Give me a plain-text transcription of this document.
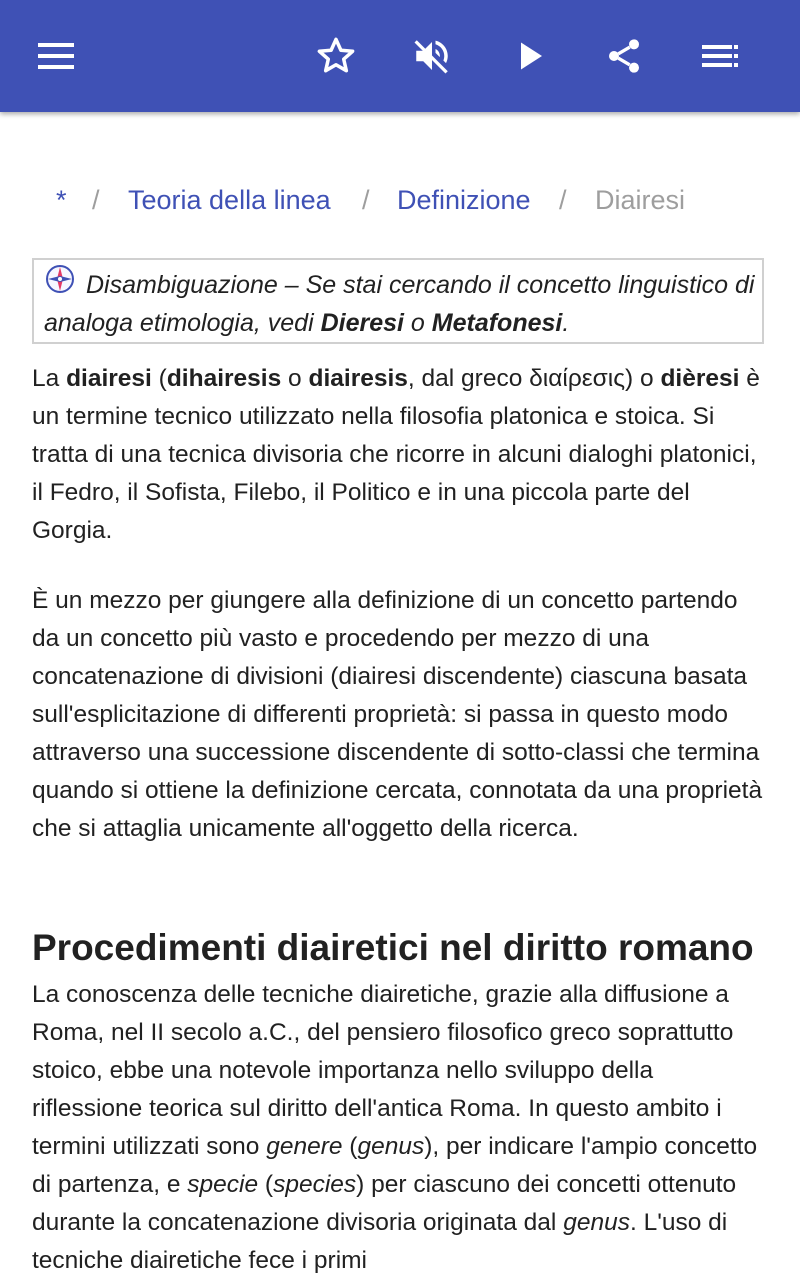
* / Teoria della linea / Definizione / Diairesi
Disambiguazione – Se stai cercando il concetto linguistico di analoga etimologia, vedi Dieresi o Metafonesi.

La diairesi (dihairesis o diairesis, dal greco διαίρεσις) o dièresi è un termine tecnico utilizzato nella filosofia platonica e stoica. Si tratta di una tecnica divisoria che ricorre in alcuni dialoghi platonici, il Fedro, il Sofista, Filebo, il Politico e in una piccola parte del Gorgia.

È un mezzo per giungere alla definizione di un concetto partendo da un concetto più vasto e procedendo per mezzo di una concatenazione di divisioni (diairesi discendente) ciascuna basata sull'esplicitazione di differenti proprietà: si passa in questo modo attraverso una successione discendente di sotto-classi che termina quando si ottiene la definizione cercata, connotata da una proprietà che si attaglia unicamente all'oggetto della ricerca.

Procedimenti diairetici nel diritto romano

La conoscenza delle tecniche diairetiche, grazie alla diffusione a Roma, nel II secolo a.C., del pensiero filosofico greco soprattutto stoico, ebbe una notevole importanza nello sviluppo della riflessione teorica sul diritto dell'antica Roma. In questo ambito i termini utilizzati sono genere (genus), per indicare l'ampio concetto di partenza, e specie (species) per ciascuno dei concetti ottenuto durante la concatenazione divisoria originata dal genus. L'uso di tecniche diairetiche fece i primi
